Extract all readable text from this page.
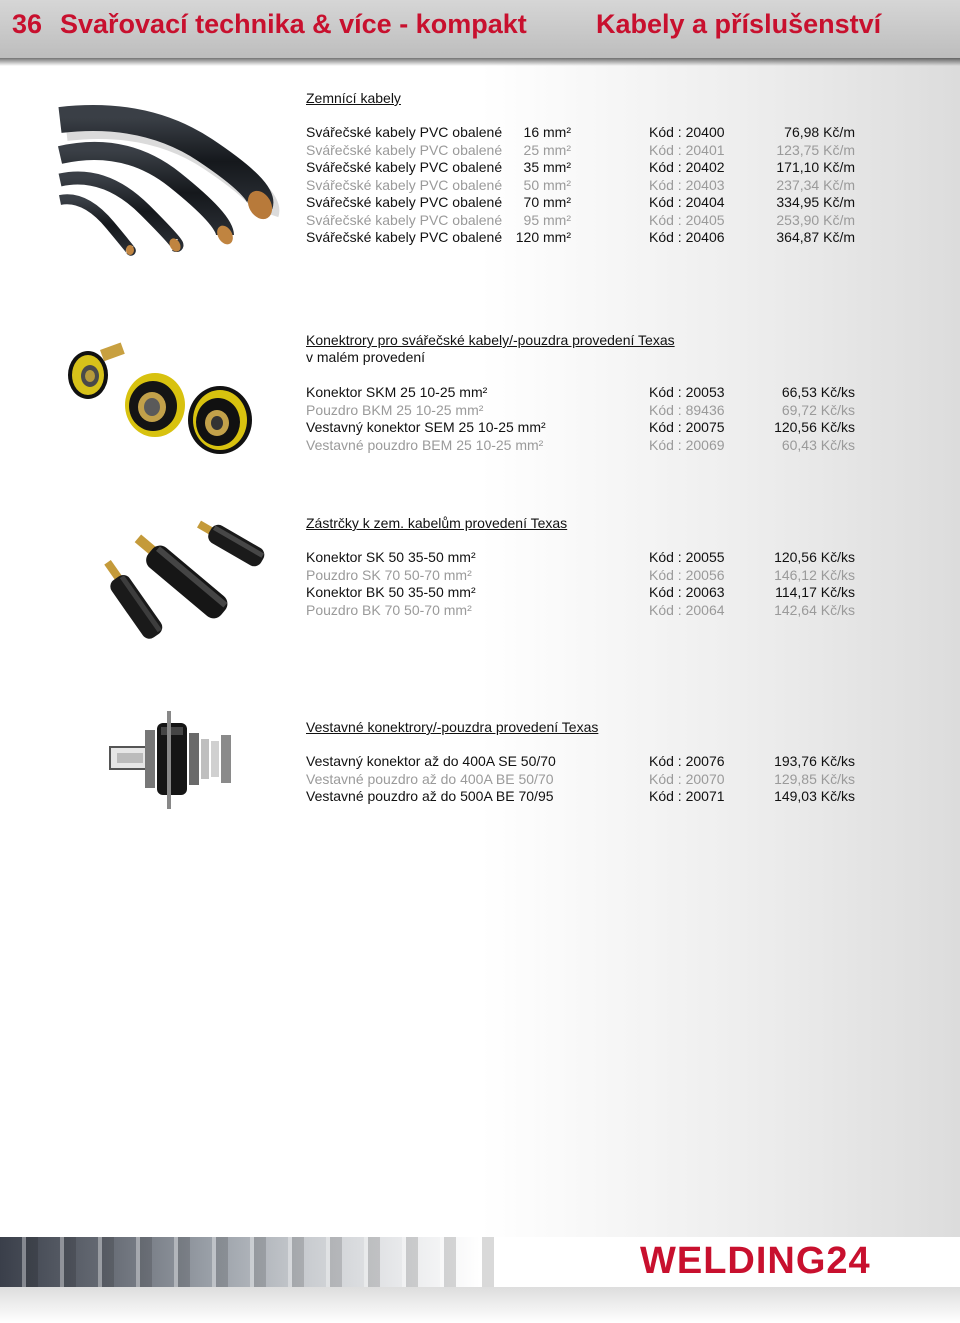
36 Svařovací technika & více - kompakt	Kabely a příslušenství
Zemnící kabely
Svářečské kabely PVC obalené 16 mm²	Kód : 20400	76,98 Kč/m
Svářečské kabely PVC obalené 25 mm²	Kód : 20401	123,75 Kč/m
Svářečské kabely PVC obalené 35 mm²	Kód : 20402	171,10 Kč/m
Svářečské kabely PVC obalené 50 mm²	Kód : 20403	237,34 Kč/m
Svářečské kabely PVC obalené 70 mm²	Kód : 20404	334,95 Kč/m
Svářečské kabely PVC obalené 95 mm²	Kód : 20405	253,90 Kč/m
Svářečské kabely PVC obalené 120 mm²	Kód : 20406	364,87 Kč/m
Konektrory pro svářečské kabely/-pouzdra provedení Texas
v malém provedení
Konektor SKM 25 10-25 mm²	Kód : 20053	66,53 Kč/ks
Pouzdro BKM 25 10-25 mm²	Kód : 89436	69,72 Kč/ks
Vestavný konektor SEM 25 10-25 mm²	Kód : 20075	120,56 Kč/ks
Vestavné pouzdro BEM 25 10-25 mm²	Kód : 20069	60,43 Kč/ks
Zástrčky k zem. kabelům provedení Texas
Konektor SK 50 35-50 mm²	Kód : 20055	120,56 Kč/ks
Pouzdro SK 70 50-70 mm²	Kód : 20056	146,12 Kč/ks
Konektor BK 50 35-50 mm²	Kód : 20063	114,17 Kč/ks
Pouzdro BK 70 50-70 mm²	Kód : 20064	142,64 Kč/ks
Vestavné konektrory/-pouzdra provedení Texas
Vestavný konektor až do 400A SE 50/70	Kód : 20076	193,76 Kč/ks
Vestavné pouzdro až do 400A BE 50/70	Kód : 20070	129,85 Kč/ks
Vestavné pouzdro až do 500A BE 70/95	Kód : 20071	149,03 Kč/ks
WELDING24
